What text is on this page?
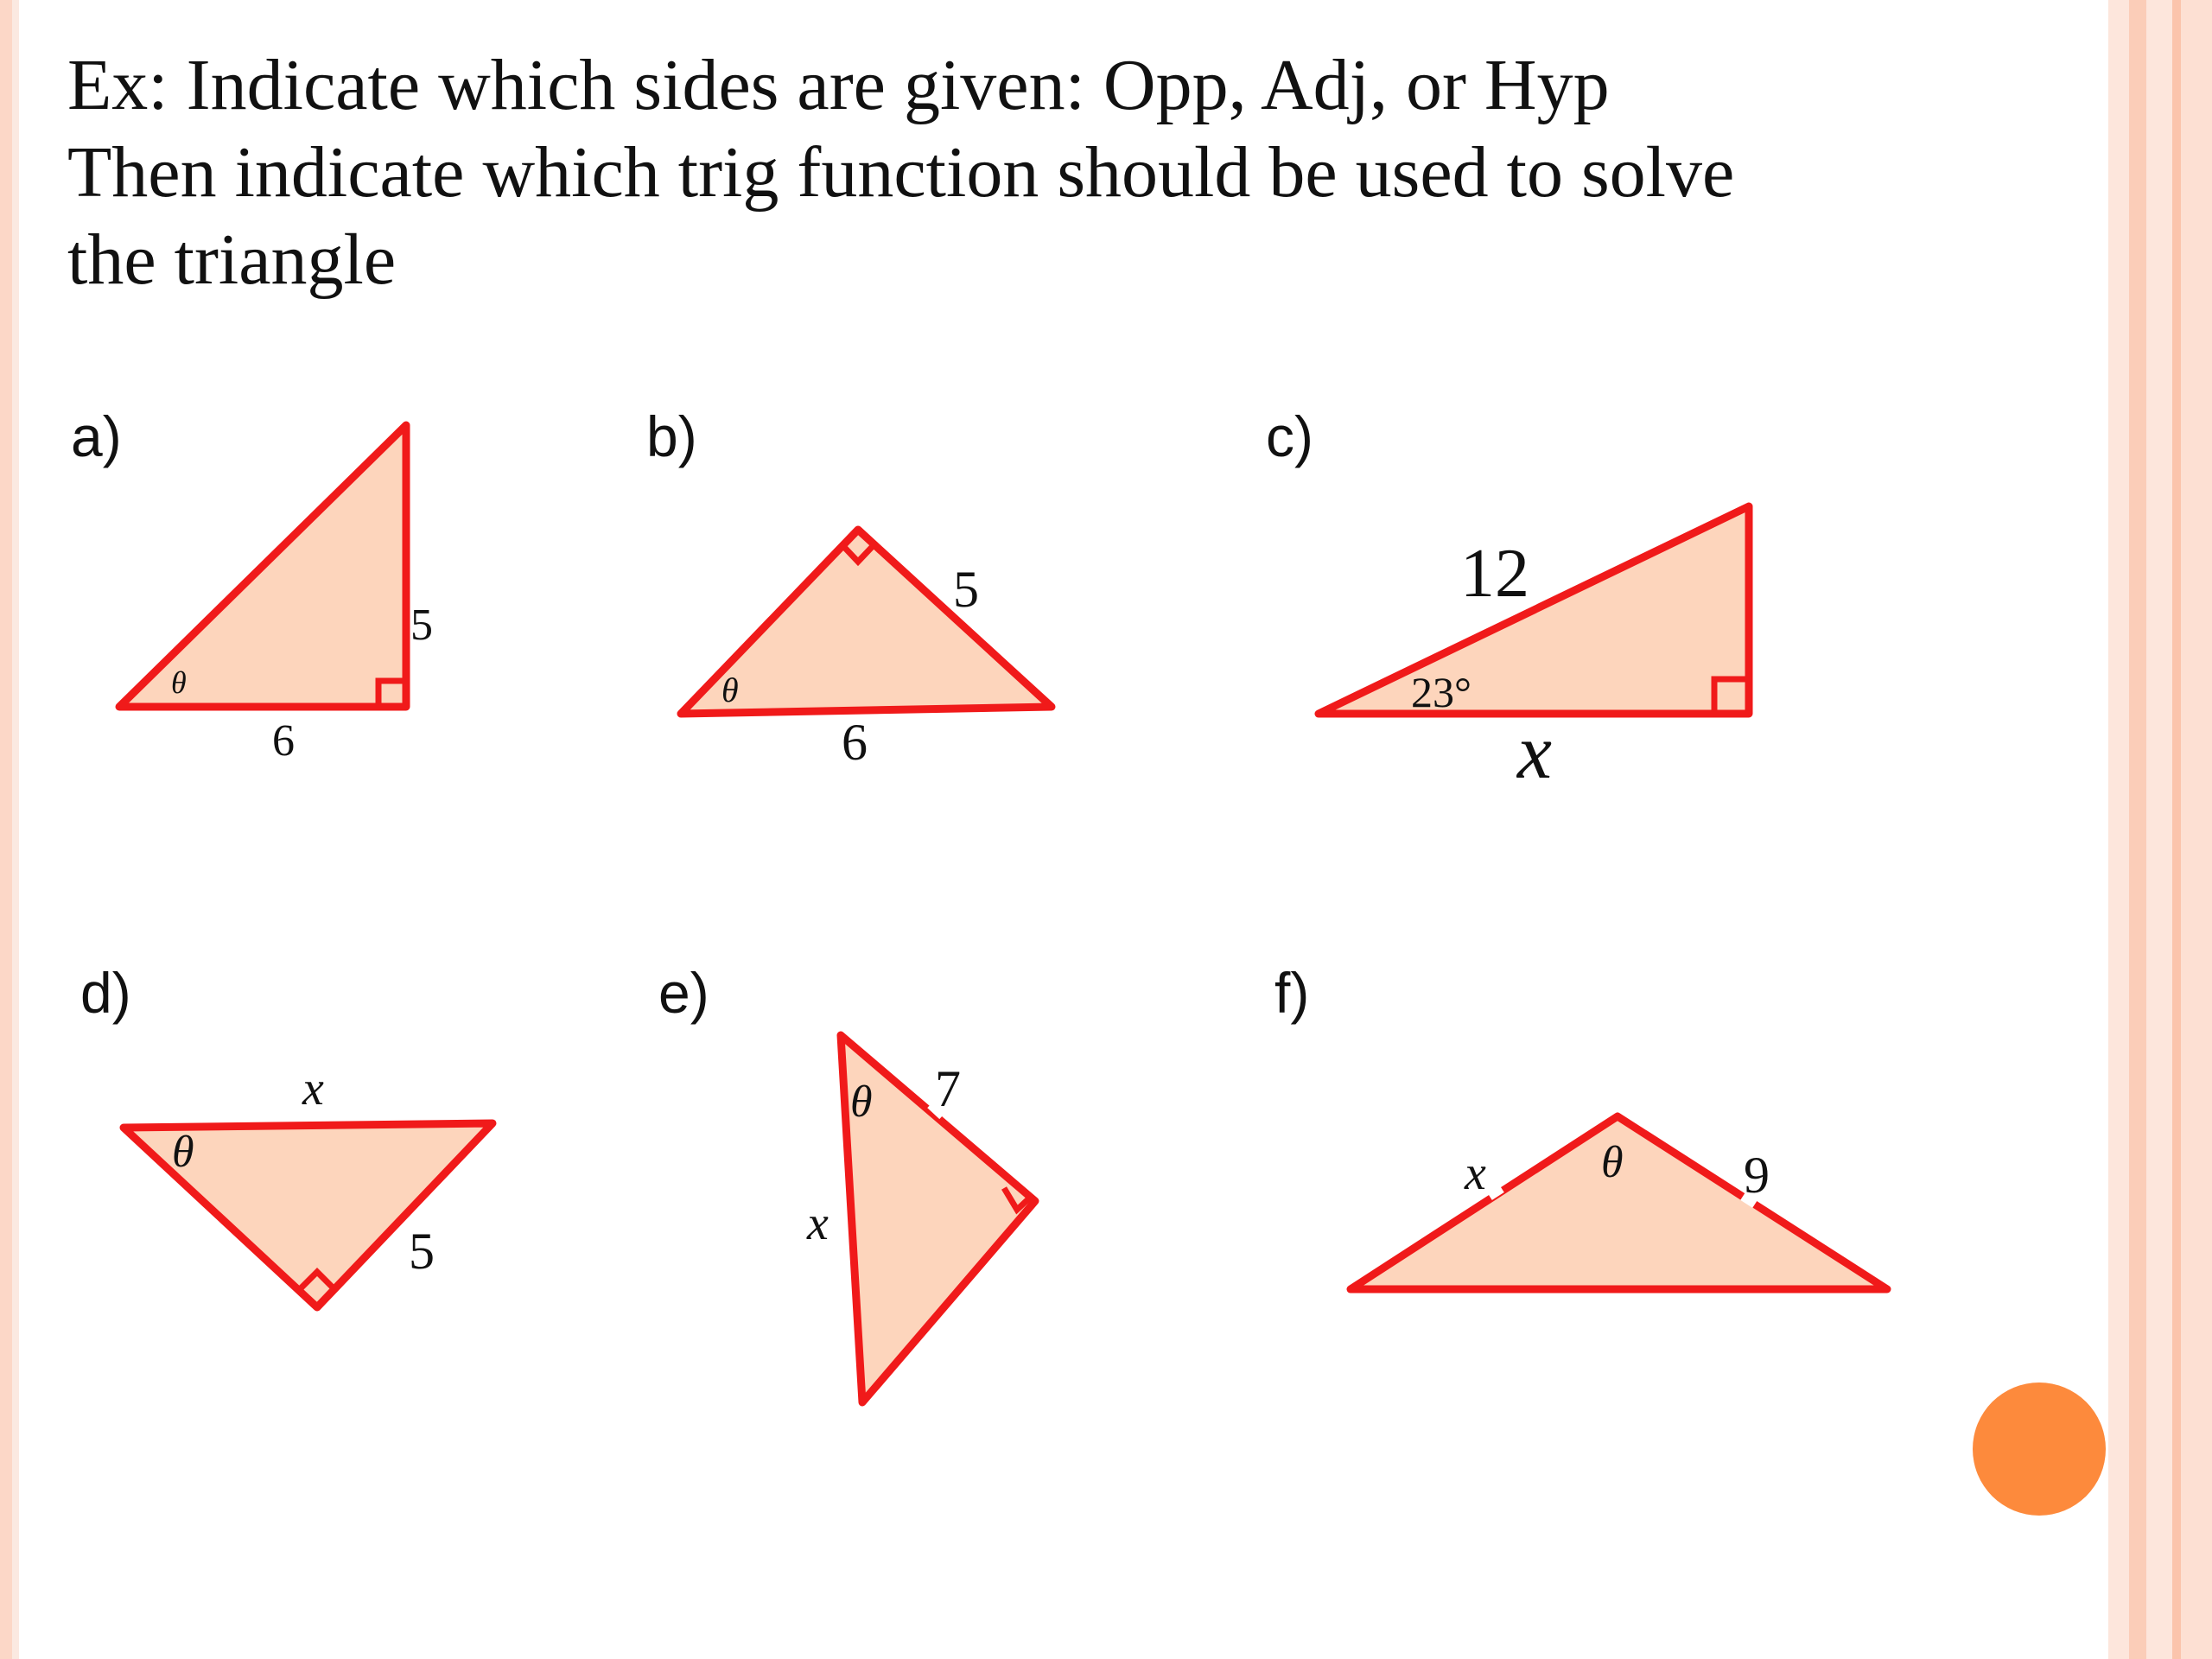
Ex: Indicate which sides are given: Opp, Adj, or Hyp
Then indicate which trig function should be used to solve
the triangle
a)	b)	c)
d)	e)	f)
5
6
θ
5
6
θ
12
x
23°
x
5
θ
7
x
θ
x	9
θ
